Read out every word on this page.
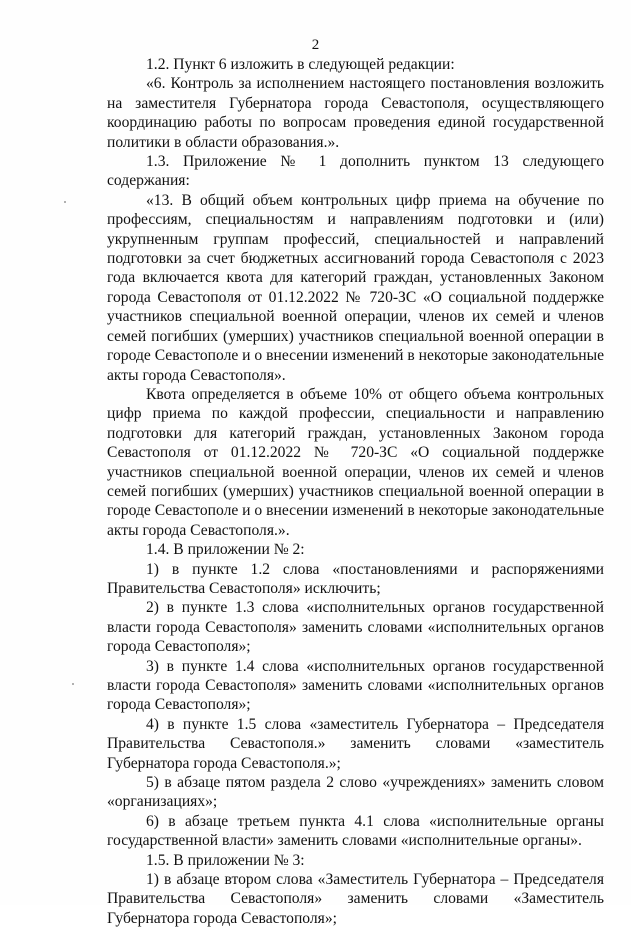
2

1.2. Пункт 6 изложить в следующей редакции:

«6. Контроль за исполнением настоящего постановления возложить на заместителя Губернатора города Севастополя, осуществляющего координацию работы по вопросам проведения единой государственной политики в области образования.».

1.3. Приложение № 1 дополнить пунктом 13 следующего содержания:

«13. В общий объем контрольных цифр приема на обучение по профессиям, специальностям и направлениям подготовки и (или) укрупненным группам профессий, специальностей и направлений подготовки за счет бюджетных ассигнований города Севастополя с 2023 года включается квота для категорий граждан, установленных Законом города Севастополя от 01.12.2022 № 720-ЗС «О социальной поддержке участников специальной военной операции, членов их семей и членов семей погибших (умерших) участников специальной военной операции в городе Севастополе и о внесении изменений в некоторые законодательные акты города Севастополя».

Квота определяется в объеме 10% от общего объема контрольных цифр приема по каждой профессии, специальности и направлению подготовки для категорий граждан, установленных Законом города Севастополя от 01.12.2022 № 720-ЗС «О социальной поддержке участников специальной военной операции, членов их семей и членов семей погибших (умерших) участников специальной военной операции в городе Севастополе и о внесении изменений в некоторые законодательные акты города Севастополя.».

1.4. В приложении № 2:

1) в пункте 1.2 слова «постановлениями и распоряжениями Правительства Севастополя» исключить;

2) в пункте 1.3 слова «исполнительных органов государственной власти города Севастополя» заменить словами «исполнительных органов города Севастополя»;

3) в пункте 1.4 слова «исполнительных органов государственной власти города Севастополя» заменить словами «исполнительных органов города Севастополя»;

4) в пункте 1.5 слова «заместитель Губернатора – Председателя Правительства Севастополя.» заменить словами «заместитель Губернатора города Севастополя.»;

5) в абзаце пятом раздела 2 слово «учреждениях» заменить словом «организациях»;

6) в абзаце третьем пункта 4.1 слова «исполнительные органы государственной власти» заменить словами «исполнительные органы».

1.5. В приложении № 3:

1) в абзаце втором слова «Заместитель Губернатора – Председателя Правительства Севастополя» заменить словами «Заместитель Губернатора города Севастополя»;
